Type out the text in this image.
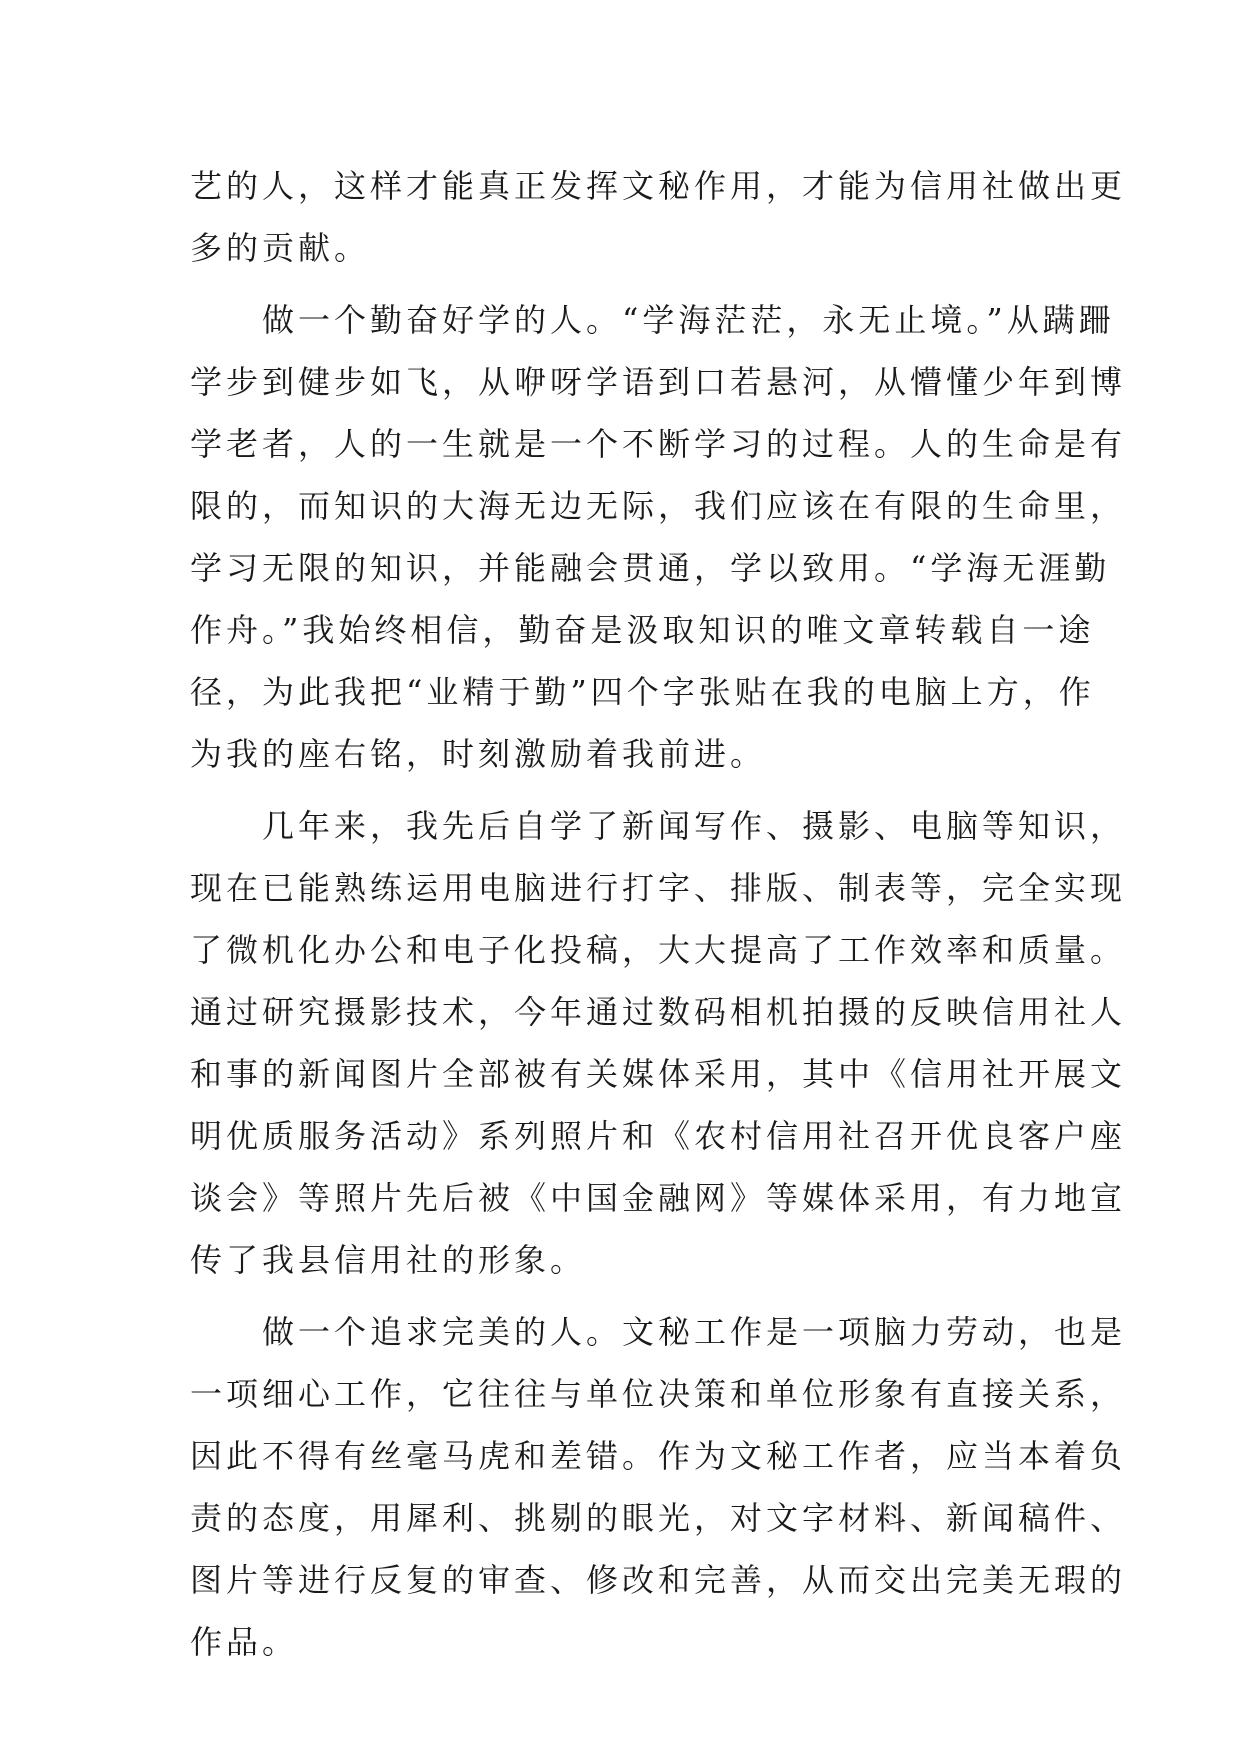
艺的人，这样才能真正发挥文秘作用，才能为信用社做出更
多的贡献。
做一个勤奋好学的人。“学海茫茫，永无止境。”从蹒跚
学步到健步如飞，从咿呀学语到口若悬河，从懵懂少年到博
学老者，人的一生就是一个不断学习的过程。人的生命是有
限的，而知识的大海无边无际，我们应该在有限的生命里，
学习无限的知识，并能融会贯通，学以致用。“学海无涯勤
作舟。”我始终相信，勤奋是汲取知识的唯文章转载自一途
径，为此我把“业精于勤”四个字张贴在我的电脑上方，作
为我的座右铭，时刻激励着我前进。
几年来，我先后自学了新闻写作、摄影、电脑等知识，
现在已能熟练运用电脑进行打字、排版、制表等，完全实现
了微机化办公和电子化投稿，大大提高了工作效率和质量。
通过研究摄影技术，今年通过数码相机拍摄的反映信用社人
和事的新闻图片全部被有关媒体采用，其中《信用社开展文
明优质服务活动》系列照片和《农村信用社召开优良客户座
谈会》等照片先后被《中国金融网》等媒体采用，有力地宣
传了我县信用社的形象。
做一个追求完美的人。文秘工作是一项脑力劳动，也是
一项细心工作，它往往与单位决策和单位形象有直接关系，
因此不得有丝毫马虎和差错。作为文秘工作者，应当本着负
责的态度，用犀利、挑剔的眼光，对文字材料、新闻稿件、
图片等进行反复的审查、修改和完善，从而交出完美无瑕的
作品。
